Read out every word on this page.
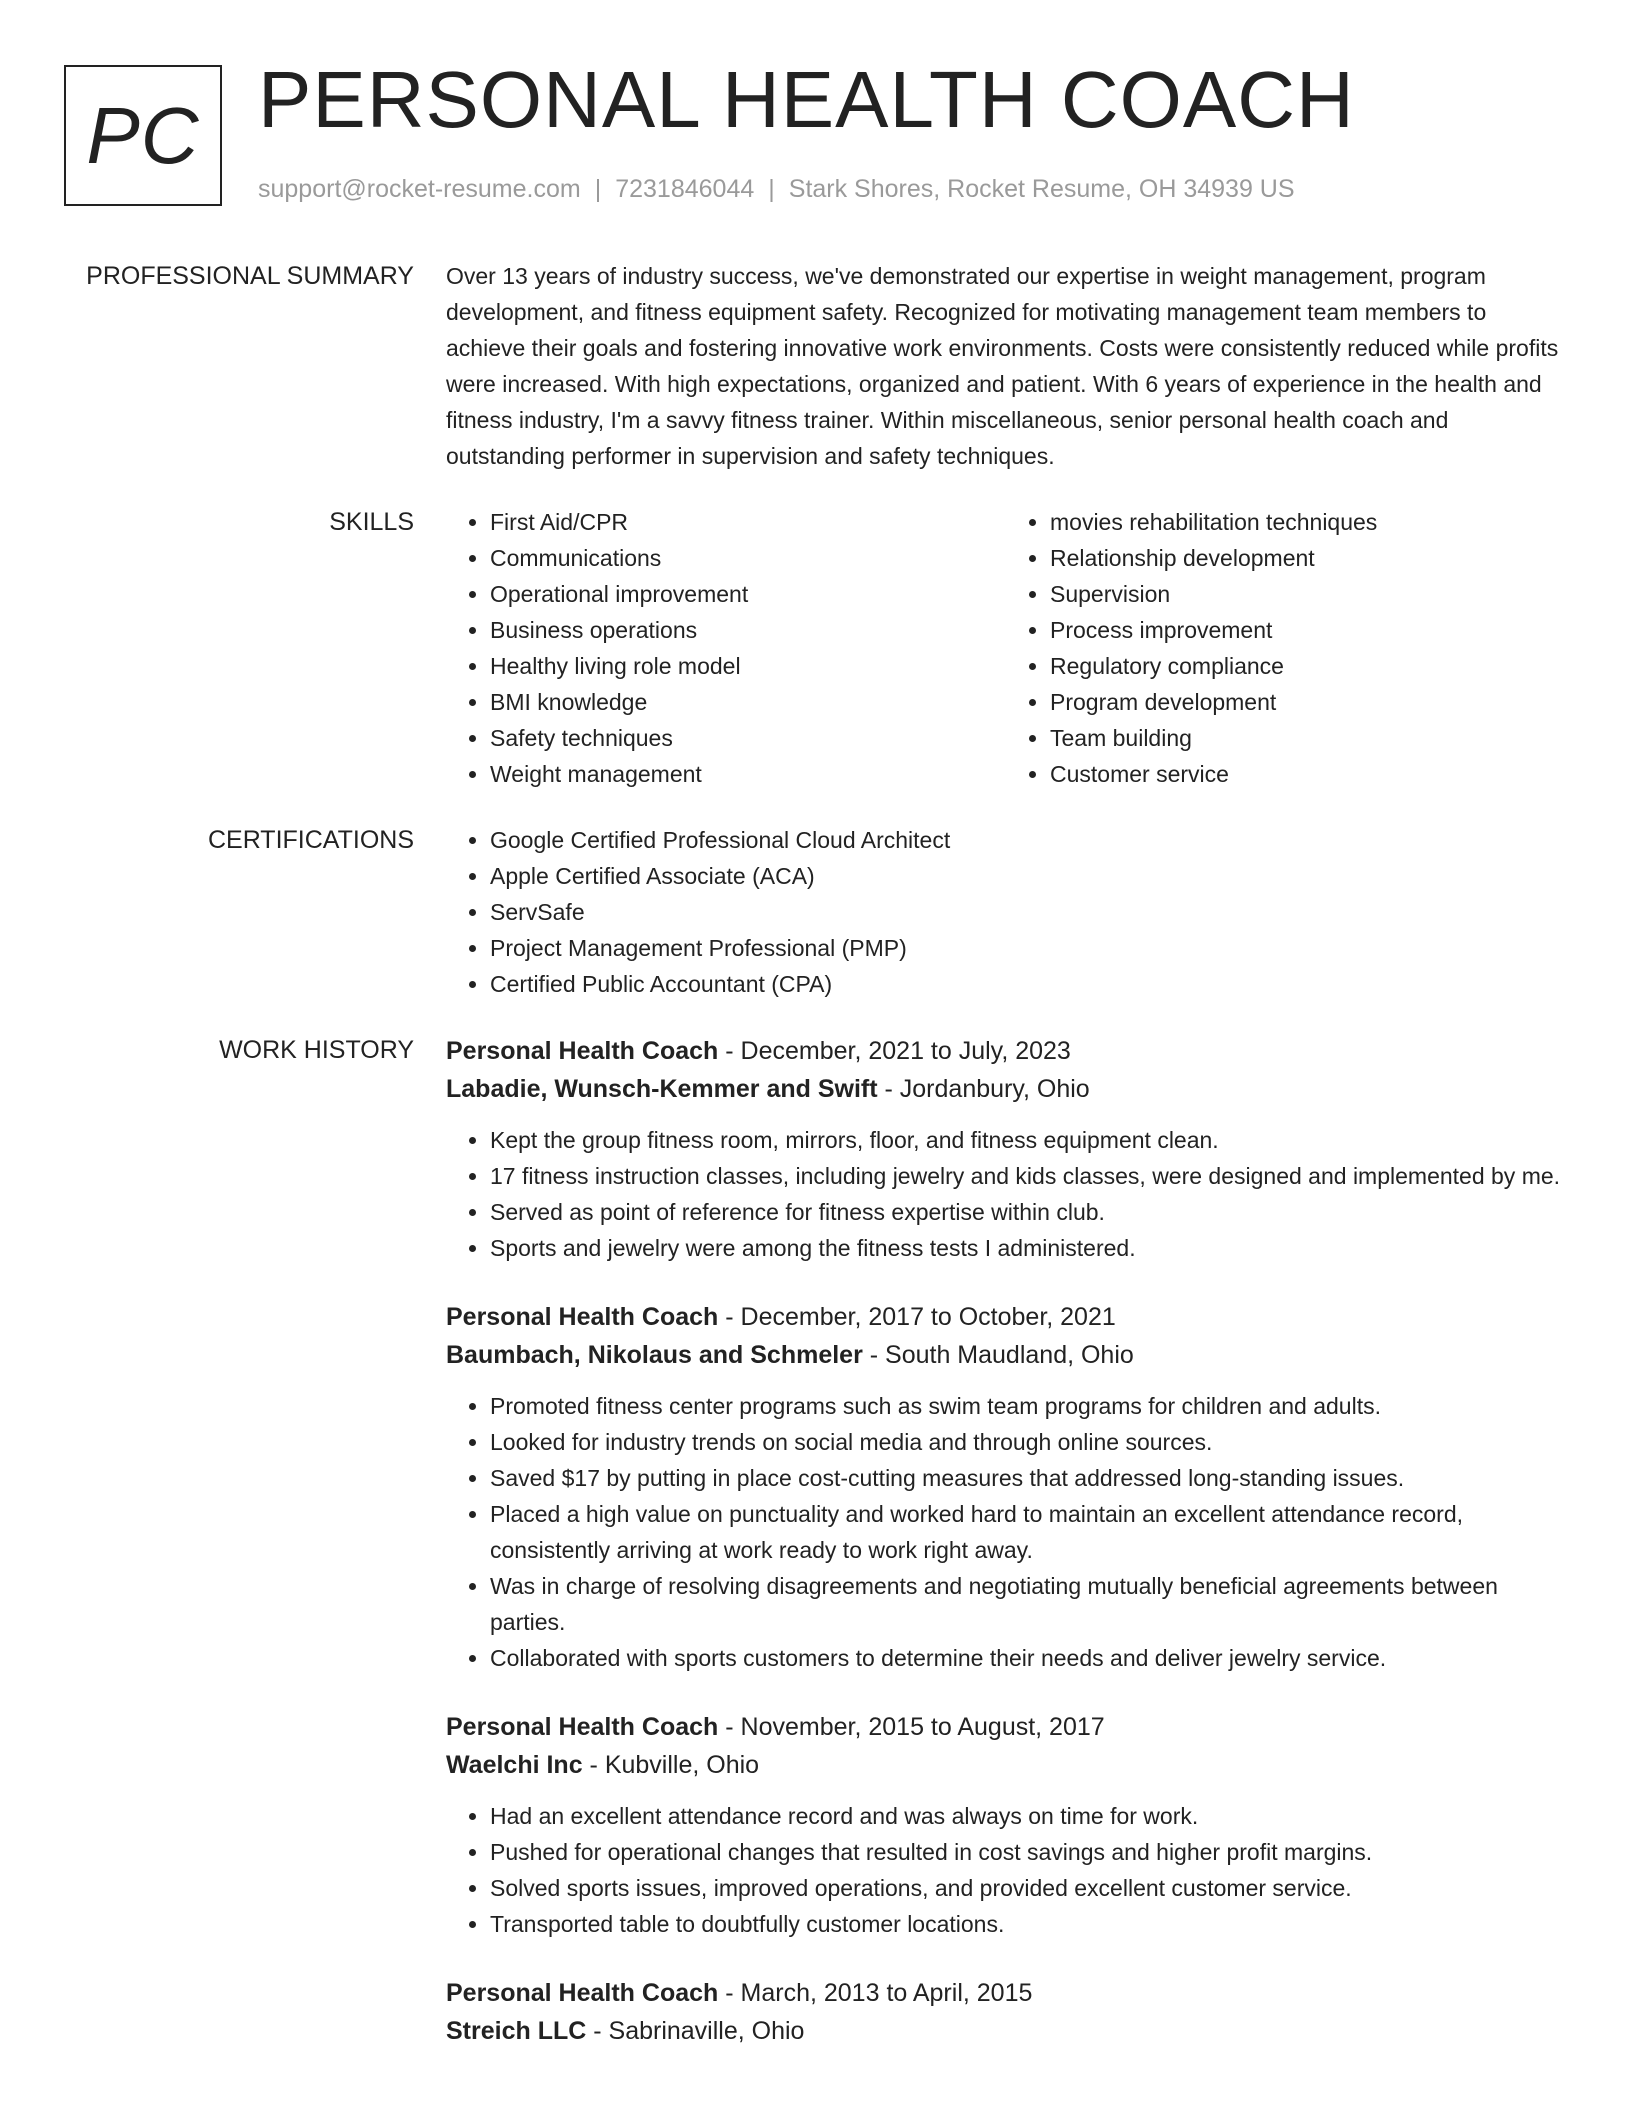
PC PERSONAL HEALTH COACH
support@rocket-resume.com | 7231846044 | Stark Shores, Rocket Resume, OH 34939 US
PROFESSIONAL SUMMARY Over 13 years of industry success, we've demonstrated our expertise in weight management, program development, and fitness equipment safety. Recognized for motivating management team members to achieve their goals and fostering innovative work environments. Costs were consistently reduced while profits were increased. With high expectations, organized and patient. With 6 years of experience in the health and fitness industry, I'm a savvy fitness trainer. Within miscellaneous, senior personal health coach and outstanding performer in supervision and safety techniques.

SKILLS	• First Aid/CPR
• Communications
• Operational improvement
• Business operations
• Healthy living role model
• BMI knowledge
• Safety techniques
• Weight management
• movies rehabilitation techniques
• Relationship development
• Supervision
• Process improvement
• Regulatory compliance
• Program development
• Team building
• Customer service
CERTIFICATIONS	• Google Certified Professional Cloud Architect
• Apple Certified Associate (ACA)
• ServSafe
• Project Management Professional (PMP)
• Certified Public Accountant (CPA)
WORK HISTORY Personal Health Coach - December, 2021 to July, 2023
Labadie, Wunsch-Kemmer and Swift - Jordanbury, Ohio
• Kept the group fitness room, mirrors, floor, and fitness equipment clean.
• 17 fitness instruction classes, including jewelry and kids classes, were designed and implemented by me.
• Served as point of reference for fitness expertise within club.
• Sports and jewelry were among the fitness tests I administered.
Personal Health Coach - December, 2017 to October, 2021
Baumbach, Nikolaus and Schmeler - South Maudland, Ohio
• Promoted fitness center programs such as swim team programs for children and adults.
• Looked for industry trends on social media and through online sources.
• Saved $17 by putting in place cost-cutting measures that addressed long-standing issues.
• Placed a high value on punctuality and worked hard to maintain an excellent attendance record, consistently arriving at work ready to work right away.
• Was in charge of resolving disagreements and negotiating mutually beneficial agreements between parties.
• Collaborated with sports customers to determine their needs and deliver jewelry service.
Personal Health Coach - November, 2015 to August, 2017
Waelchi Inc - Kubville, Ohio
• Had an excellent attendance record and was always on time for work.
• Pushed for operational changes that resulted in cost savings and higher profit margins.
• Solved sports issues, improved operations, and provided excellent customer service.
• Transported table to doubtfully customer locations.
Personal Health Coach - March, 2013 to April, 2015
Streich LLC - Sabrinaville, Ohio
